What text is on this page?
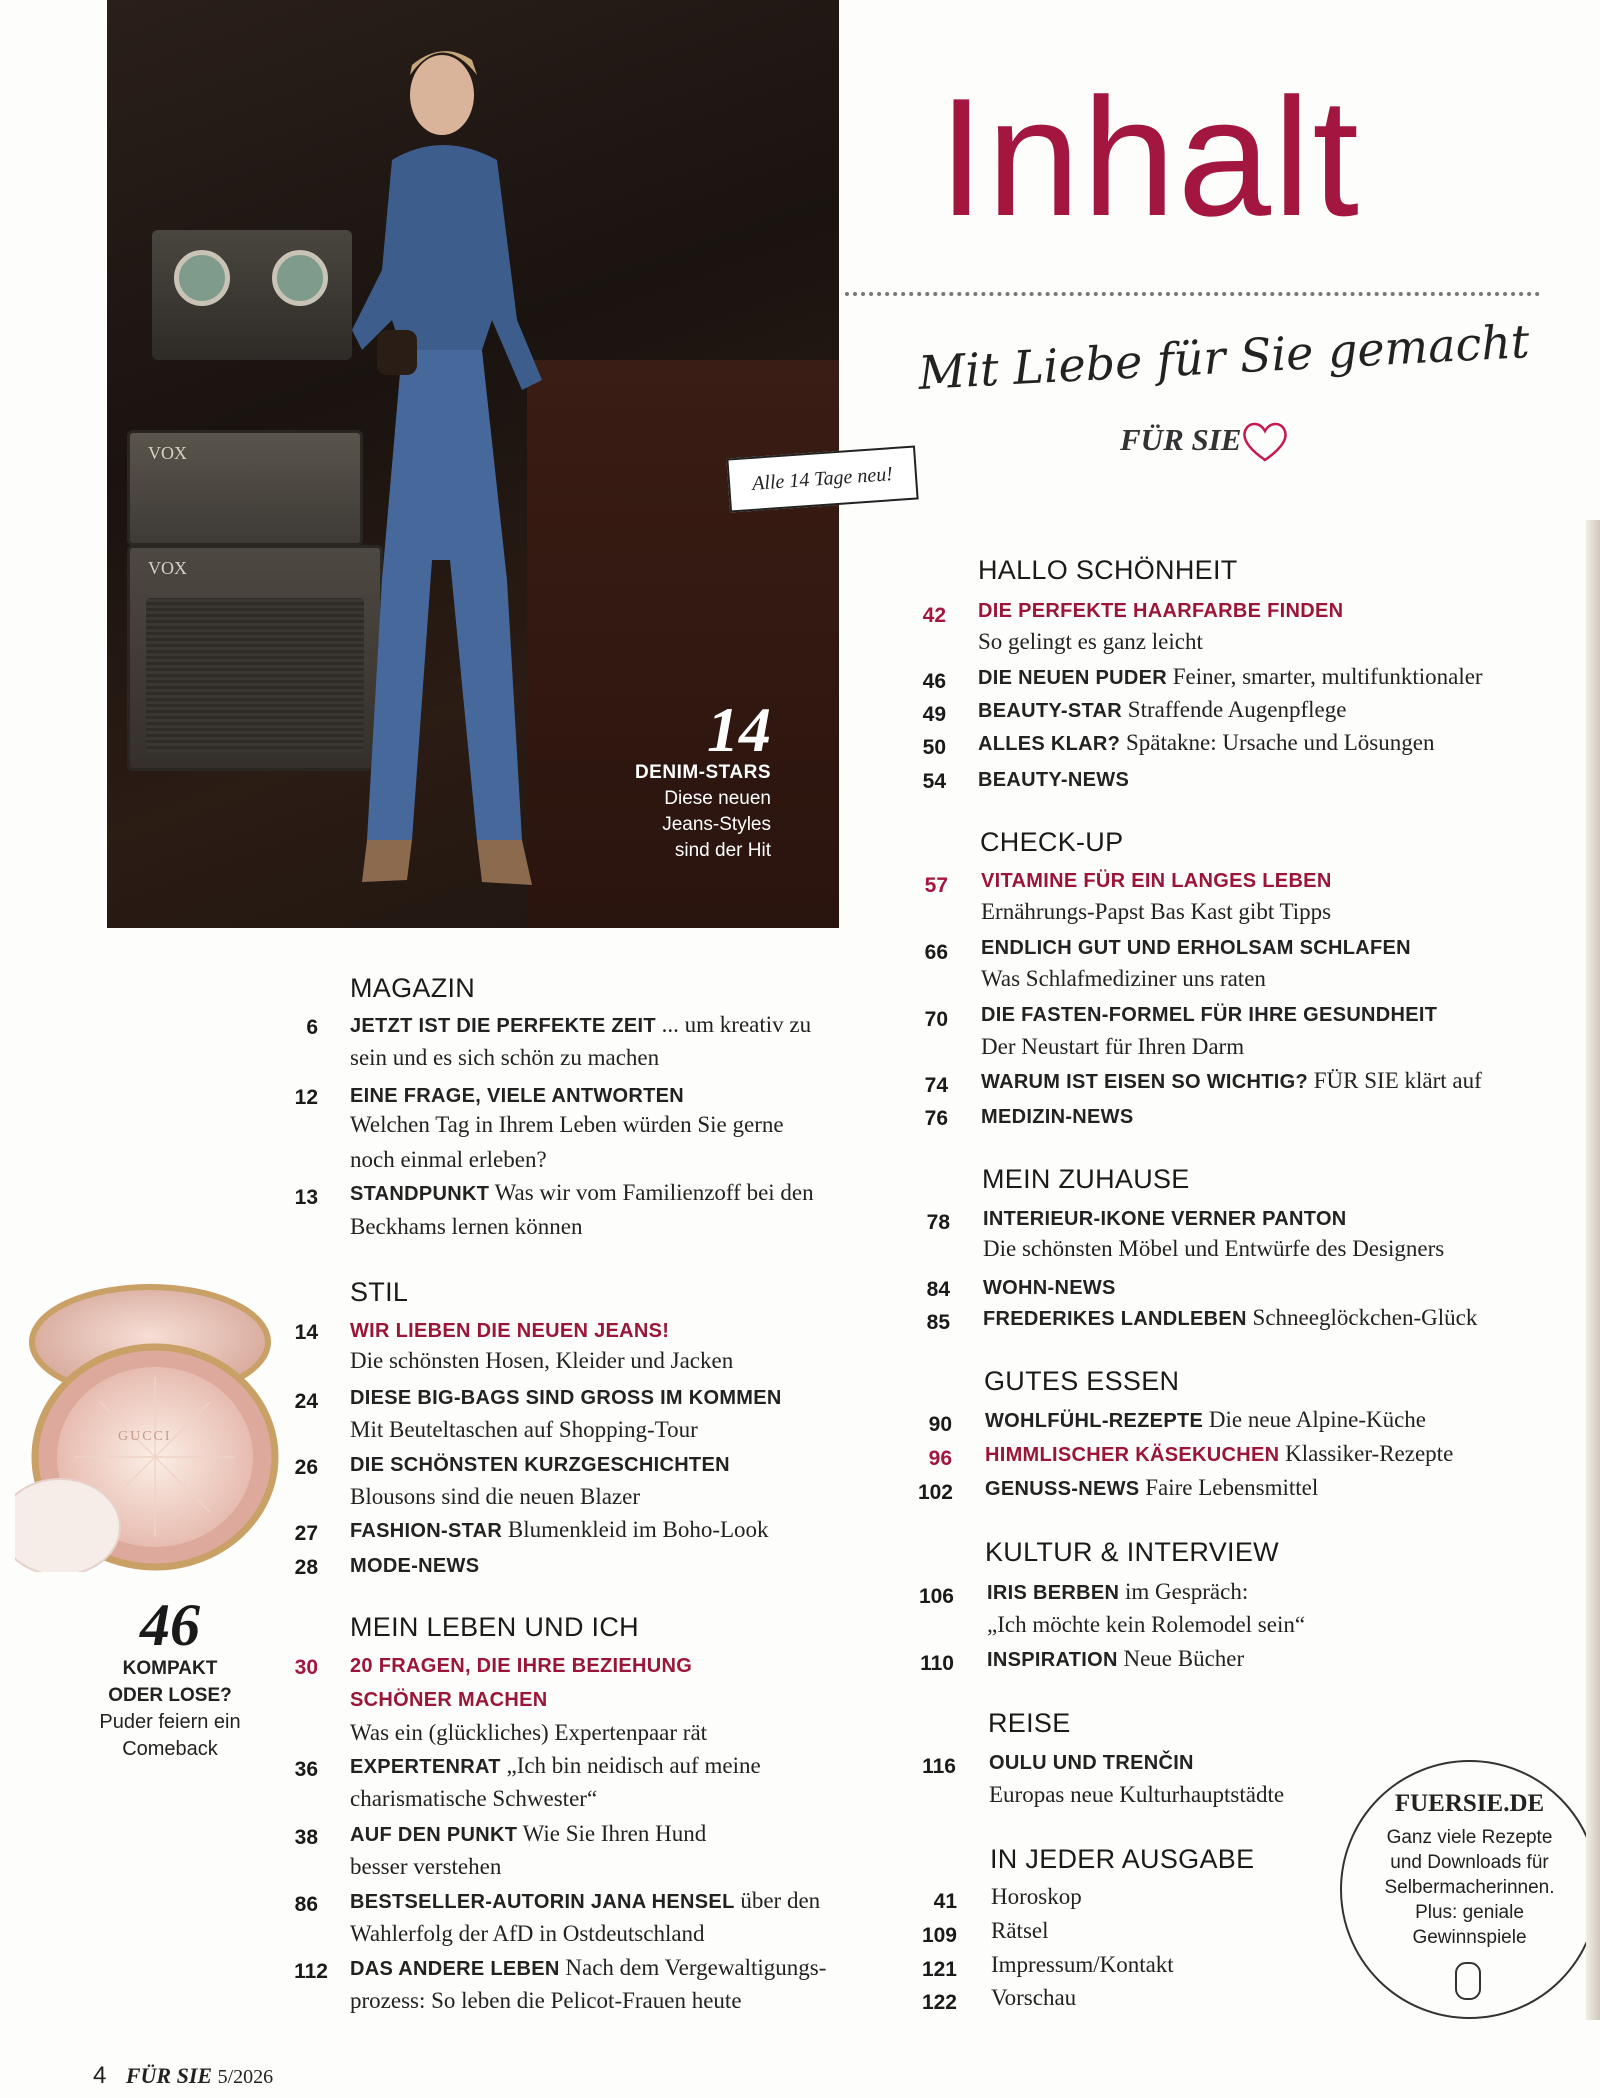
VOX
VOX
14
DENIM-STARS
Diese neuen
Jeans-Styles
sind der Hit
Inhalt
Mit Liebe für Sie gemacht
FÜR SIE
Alle 14 Tage neu!
MAGAZIN
6 JETZT IST DIE PERFEKTE ZEIT ... um kreativ zu
sein und es sich schön zu machen
12 EINE FRAGE, VIELE ANTWORTEN
Welchen Tag in Ihrem Leben würden Sie gerne
noch einmal erleben?
13 STANDPUNKT Was wir vom Familienzoff bei den
Beckhams lernen können
STIL
14 WIR LIEBEN DIE NEUEN JEANS!
Die schönsten Hosen, Kleider und Jacken
24 DIESE BIG-BAGS SIND GROSS IM KOMMEN
Mit Beuteltaschen auf Shopping-Tour
26 DIE SCHÖNSTEN KURZGESCHICHTEN
Blousons sind die neuen Blazer
27 FASHION-STAR Blumenkleid im Boho-Look
28 MODE-NEWS
MEIN LEBEN UND ICH
30 20 FRAGEN, DIE IHRE BEZIEHUNG
SCHÖNER MACHEN
Was ein (glückliches) Expertenpaar rät
36 EXPERTENRAT „Ich bin neidisch auf meine
charismatische Schwester“
38 AUF DEN PUNKT Wie Sie Ihren Hund
besser verstehen
86 BESTSELLER-AUTORIN JANA HENSEL über den
Wahlerfolg der AfD in Ostdeutschland
112 DAS ANDERE LEBEN Nach dem Vergewaltigungs-
prozess: So leben die Pelicot-Frauen heute
HALLO SCHÖNHEIT
42 DIE PERFEKTE HAARFARBE FINDEN
So gelingt es ganz leicht
46 DIE NEUEN PUDER Feiner, smarter, multifunktionaler
49 BEAUTY-STAR Straffende Augenpflege
50 ALLES KLAR? Spätakne: Ursache und Lösungen
54 BEAUTY-NEWS
CHECK-UP
57 VITAMINE FÜR EIN LANGES LEBEN
Ernährungs-Papst Bas Kast gibt Tipps
66 ENDLICH GUT UND ERHOLSAM SCHLAFEN
Was Schlafmediziner uns raten
70 DIE FASTEN-FORMEL FÜR IHRE GESUNDHEIT
Der Neustart für Ihren Darm
74 WARUM IST EISEN SO WICHTIG? FÜR SIE klärt auf
76 MEDIZIN-NEWS
MEIN ZUHAUSE
78 INTERIEUR-IKONE VERNER PANTON
Die schönsten Möbel und Entwürfe des Designers
84 WOHN-NEWS
85 FREDERIKES LANDLEBEN Schneeglöckchen-Glück
GUTES ESSEN
90 WOHLFÜHL-REZEPTE Die neue Alpine-Küche
96 HIMMLISCHER KÄSEKUCHEN Klassiker-Rezepte
102 GENUSS-NEWS Faire Lebensmittel
KULTUR & INTERVIEW
106 IRIS BERBEN im Gespräch:
„Ich möchte kein Rolemodel sein“
110 INSPIRATION Neue Bücher
REISE
116 OULU UND TRENČIN
Europas neue Kulturhauptstädte
IN JEDER AUSGABE
41 Horoskop
109 Rätsel
121 Impressum/Kontakt
122 Vorschau
GUCCI
46
KOMPAKT
ODER LOSE?
Puder feiern ein
Comeback
FUERSIE.DE
Ganz viele Rezepte
und Downloads für
Selbermacherinnen.
Plus: geniale
Gewinnspiele
4 FÜR SIE 5/2026
